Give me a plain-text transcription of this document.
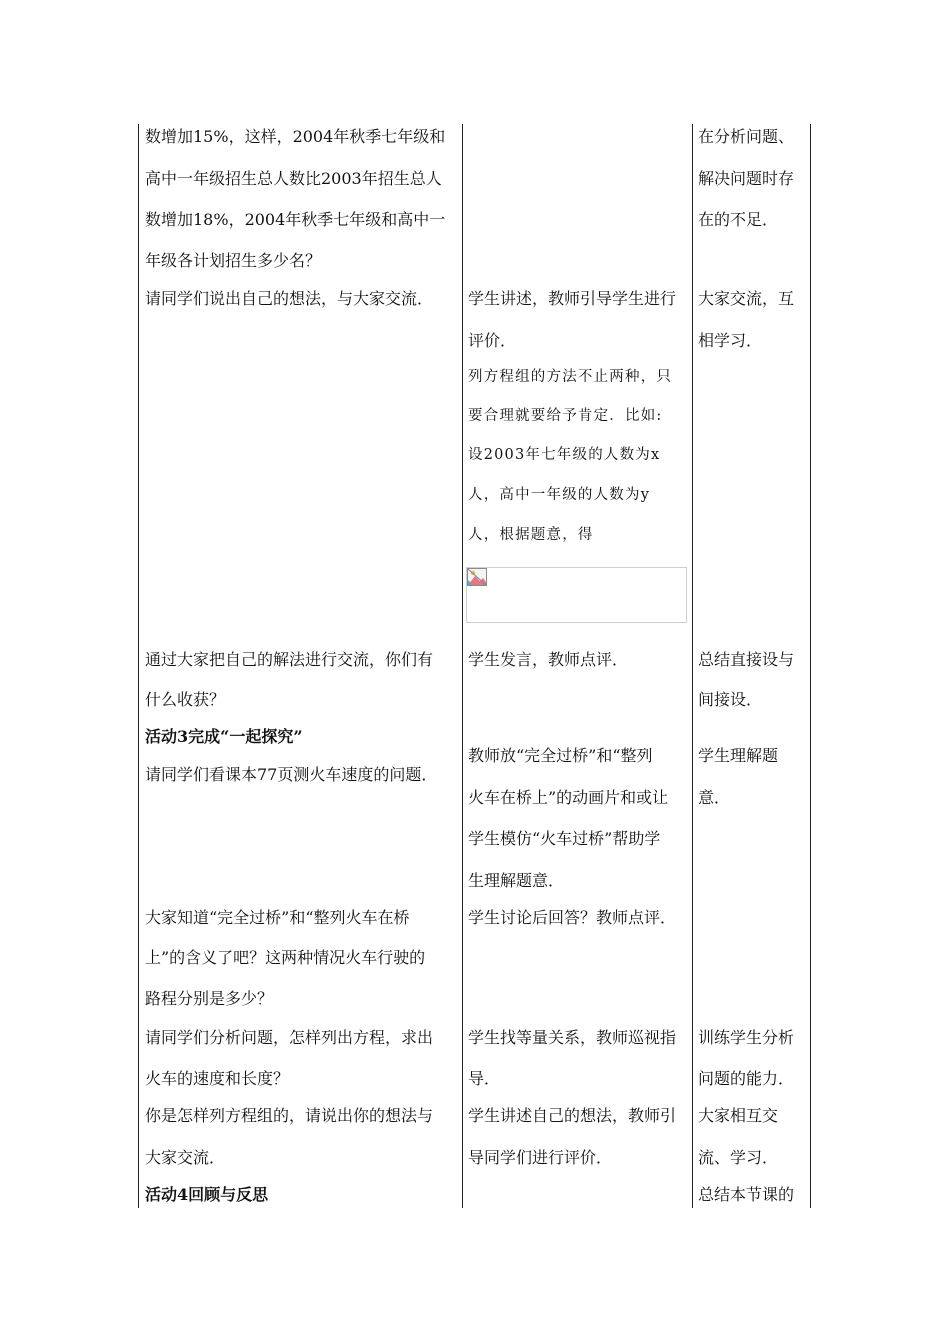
数增加15%，这样，2004年秋季七年级和
高中一年级招生总人数比2003年招生总人
数增加18%，2004年秋季七年级和高中一
年级各计划招生多少名？
请同学们说出自己的想法，与大家交流．
通过大家把自己的解法进行交流，你们有
什么收获？
活动3完成“一起探究”
请同学们看课本77页测火车速度的问题．
大家知道“完全过桥”和“整列火车在桥
上”的含义了吧？这两种情况火车行驶的
路程分别是多少？
请同学们分析问题，怎样列出方程，求出
火车的速度和长度？
你是怎样列方程组的，请说出你的想法与
大家交流．
活动4回顾与反思
学生讲述，教师引导学生进行
评价．
列方程组的方法不止两种，只
要合理就要给予肯定．比如:
设2003年七年级的人数为x
人，高中一年级的人数为y
人，根据题意，得
学生发言，教师点评．
教师放“完全过桥”和“整列
火车在桥上”的动画片和或让
学生模仿“火车过桥”帮助学
生理解题意．
学生讨论后回答？教师点评．
学生找等量关系，教师巡视指
导．
学生讲述自己的想法，教师引
导同学们进行评价．
在分析问题、
解决问题时存
在的不足．
大家交流，互
相学习．
总结直接设与
间接设．
学生理解题
意．
训练学生分析
问题的能力．
大家相互交
流、学习．
总结本节课的
